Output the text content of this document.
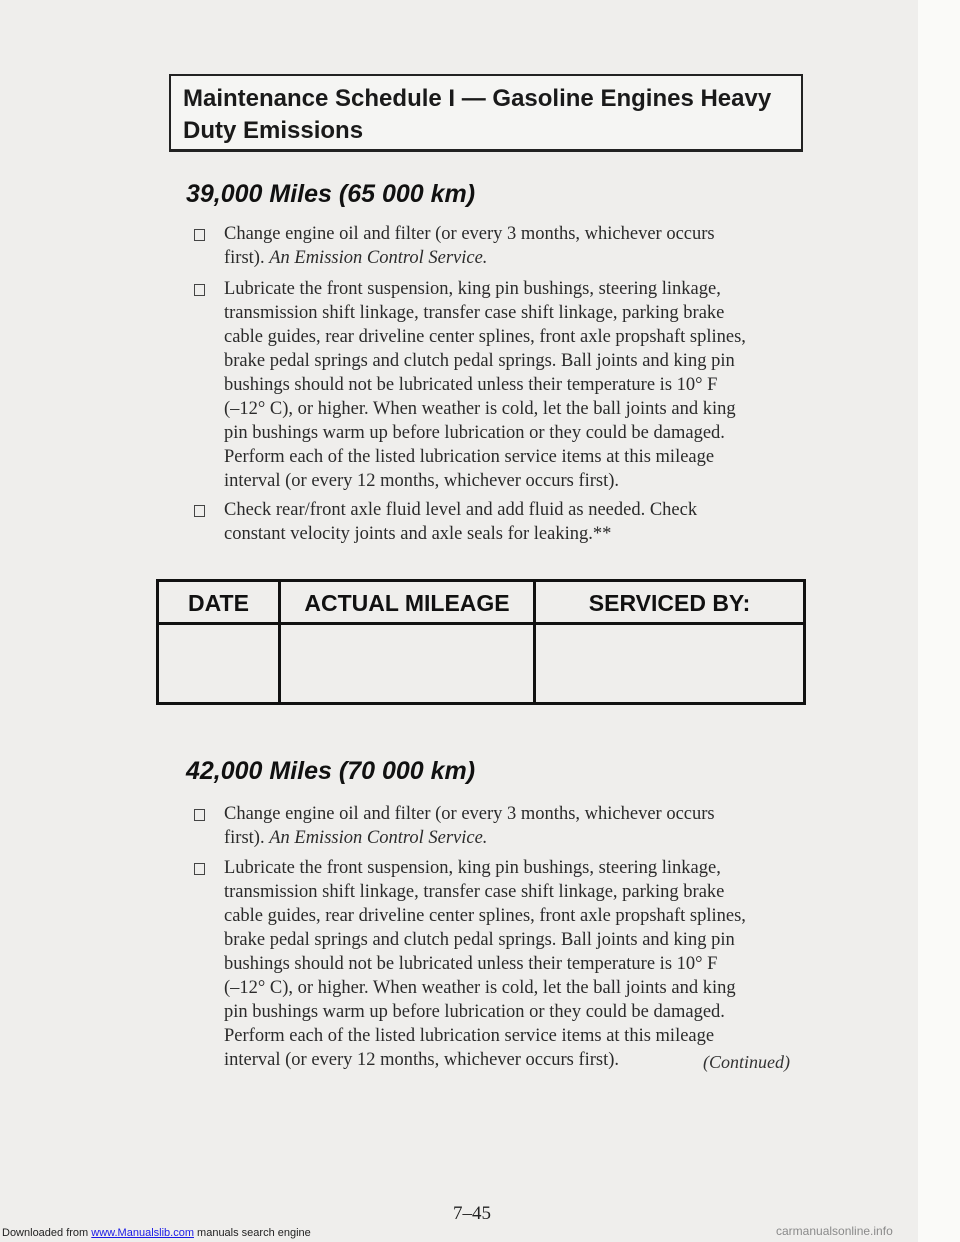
Maintenance Schedule I — Gasoline Engines Heavy
Duty Emissions
39,000 Miles (65 000 km)
Change engine oil and filter (or every 3 months, whichever occurs
first). An Emission Control Service.
Lubricate the front suspension, king pin bushings, steering linkage,
transmission shift linkage, transfer case shift linkage, parking brake
cable guides, rear driveline center splines, front axle propshaft splines,
brake pedal springs and clutch pedal springs. Ball joints and king pin
bushings should not be lubricated unless their temperature is 10° F
(–12° C), or higher. When weather is cold, let the ball joints and king
pin bushings warm up before lubrication or they could be damaged.
Perform each of the listed lubrication service items at this mileage
interval (or every 12 months, whichever occurs first).
Check rear/front axle fluid level and add fluid as needed. Check
constant velocity joints and axle seals for leaking.**
DATE	ACTUAL MILEAGE	SERVICED BY:
42,000 Miles (70 000 km)
Change engine oil and filter (or every 3 months, whichever occurs
first). An Emission Control Service.
Lubricate the front suspension, king pin bushings, steering linkage,
transmission shift linkage, transfer case shift linkage, parking brake
cable guides, rear driveline center splines, front axle propshaft splines,
brake pedal springs and clutch pedal springs. Ball joints and king pin
bushings should not be lubricated unless their temperature is 10° F
(–12° C), or higher. When weather is cold, let the ball joints and king
pin bushings warm up before lubrication or they could be damaged.
Perform each of the listed lubrication service items at this mileage
interval (or every 12 months, whichever occurs first).	(Continued)
7–45
Downloaded from www.Manualslib.com manuals search engine	carmanualsonline.info
